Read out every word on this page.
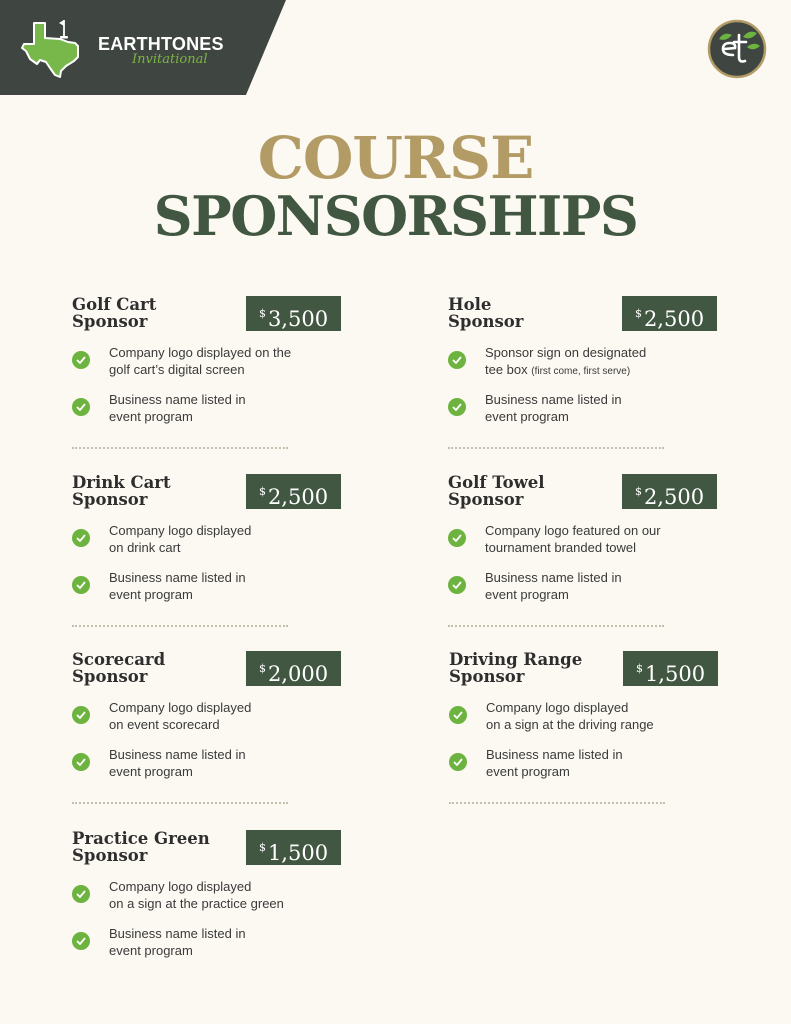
EARTHTONES
Invitational
COURSE
SPONSORSHIPS
Golf Cart
Sponsor	$3,500
Company logo displayed on the
golf cart’s digital screen
Business name listed in
event program
Hole
Sponsor	$2,500
Sponsor sign on designated
tee box (first come, first serve)
Business name listed in
event program
Drink Cart
Sponsor	$2,500
Company logo displayed
on drink cart
Business name listed in
event program
Golf Towel
Sponsor	$2,500
Company logo featured on our
tournament branded towel
Business name listed in
event program
Scorecard
Sponsor	$2,000
Company logo displayed
on event scorecard
Business name listed in
event program
Driving Range
Sponsor	$1,500
Company logo displayed
on a sign at the driving range
Business name listed in
event program
Practice Green
Sponsor	$1,500
Company logo displayed
on a sign at the practice green
Business name listed in
event program
